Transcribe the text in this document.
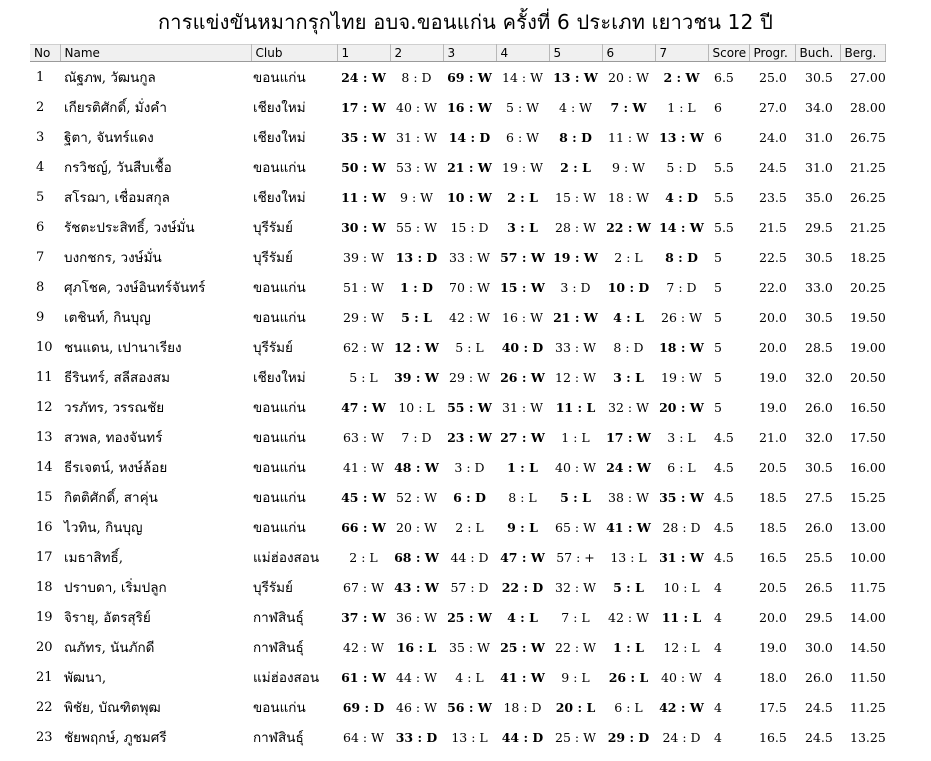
การแข่งขันหมากรุกไทย อบจ.ขอนแก่น ครั้งที่ 6 ประเภท เยาวชน 12 ปี
No	Name	Club	1	2	3	4	5	6	7	Score	Progr.	Buch.	Berg.
1	ณัฐภพ, วัฒนกูล	ขอนแก่น	24 : W	8 : D	69 : W	14 : W	13 : W	20 : W	2 : W	6.5	25.0	30.5	27.00
2	เกียรติศักดิ์, มั่งคำ	เชียงใหม่	17 : W	40 : W	16 : W	5 : W	4 : W	7 : W	1 : L	6	27.0	34.0	28.00
3	ฐิตา, จันทร์แดง	เชียงใหม่	35 : W	31 : W	14 : D	6 : W	8 : D	11 : W	13 : W	6	24.0	31.0	26.75
4	กรวิชญ์, วันสืบเชื้อ	ขอนแก่น	50 : W	53 : W	21 : W	19 : W	2 : L	9 : W	5 : D	5.5	24.5	31.0	21.25
5	สโรฌา, เชื่อมสกุล	เชียงใหม่	11 : W	9 : W	10 : W	2 : L	15 : W	18 : W	4 : D	5.5	23.5	35.0	26.25
6	รัชตะประสิทธิ์, วงษ์มั่น	บุรีรัมย์	30 : W	55 : W	15 : D	3 : L	28 : W	22 : W	14 : W	5.5	21.5	29.5	21.25
7	บงกชกร, วงษ์มั่น	บุรีรัมย์	39 : W	13 : D	33 : W	57 : W	19 : W	2 : L	8 : D	5	22.5	30.5	18.25
8	ศุภโชค, วงษ์อินทร์จันทร์	ขอนแก่น	51 : W	1 : D	70 : W	15 : W	3 : D	10 : D	7 : D	5	22.0	33.0	20.25
9	เตชินท์, กินบุญ	ขอนแก่น	29 : W	5 : L	42 : W	16 : W	21 : W	4 : L	26 : W	5	20.0	30.5	19.50
10	ชนแดน, เปานาเรียง	บุรีรัมย์	62 : W	12 : W	5 : L	40 : D	33 : W	8 : D	18 : W	5	20.0	28.5	19.00
11	ธีรินทร์, สลีสองสม	เชียงใหม่	5 : L	39 : W	29 : W	26 : W	12 : W	3 : L	19 : W	5	19.0	32.0	20.50
12	วรภัทร, วรรณชัย	ขอนแก่น	47 : W	10 : L	55 : W	31 : W	11 : L	32 : W	20 : W	5	19.0	26.0	16.50
13	สวพล, ทองจันทร์	ขอนแก่น	63 : W	7 : D	23 : W	27 : W	1 : L	17 : W	3 : L	4.5	21.0	32.0	17.50
14	ธีรเจตน์, หงษ์ล้อย	ขอนแก่น	41 : W	48 : W	3 : D	1 : L	40 : W	24 : W	6 : L	4.5	20.5	30.5	16.00
15	กิตติศักดิ์, สาคุ่น	ขอนแก่น	45 : W	52 : W	6 : D	8 : L	5 : L	38 : W	35 : W	4.5	18.5	27.5	15.25
16	ไวทิน, กินบุญ	ขอนแก่น	66 : W	20 : W	2 : L	9 : L	65 : W	41 : W	28 : D	4.5	18.5	26.0	13.00
17	เมธาสิทธิ์,	แม่ฮ่องสอน	2 : L	68 : W	44 : D	47 : W	57 : +	13 : L	31 : W	4.5	16.5	25.5	10.00
18	ปราบดา, เริ่มปลูก	บุรีรัมย์	67 : W	43 : W	57 : D	22 : D	32 : W	5 : L	10 : L	4	20.5	26.5	11.75
19	จิรายุ, อัตรสุริย์	กาฬสินธุ์	37 : W	36 : W	25 : W	4 : L	7 : L	42 : W	11 : L	4	20.0	29.5	14.00
20	ณภัทร, นันภักดี	กาฬสินธุ์	42 : W	16 : L	35 : W	25 : W	22 : W	1 : L	12 : L	4	19.0	30.0	14.50
21	พัฒนา,	แม่ฮ่องสอน	61 : W	44 : W	4 : L	41 : W	9 : L	26 : L	40 : W	4	18.0	26.0	11.50
22	พิชัย, บัณฑิตพุฒ	ขอนแก่น	69 : D	46 : W	56 : W	18 : D	20 : L	6 : L	42 : W	4	17.5	24.5	11.25
23	ชัยพฤกษ์, ภูชมศรี	กาฬสินธุ์	64 : W	33 : D	13 : L	44 : D	25 : W	29 : D	24 : D	4	16.5	24.5	13.25
